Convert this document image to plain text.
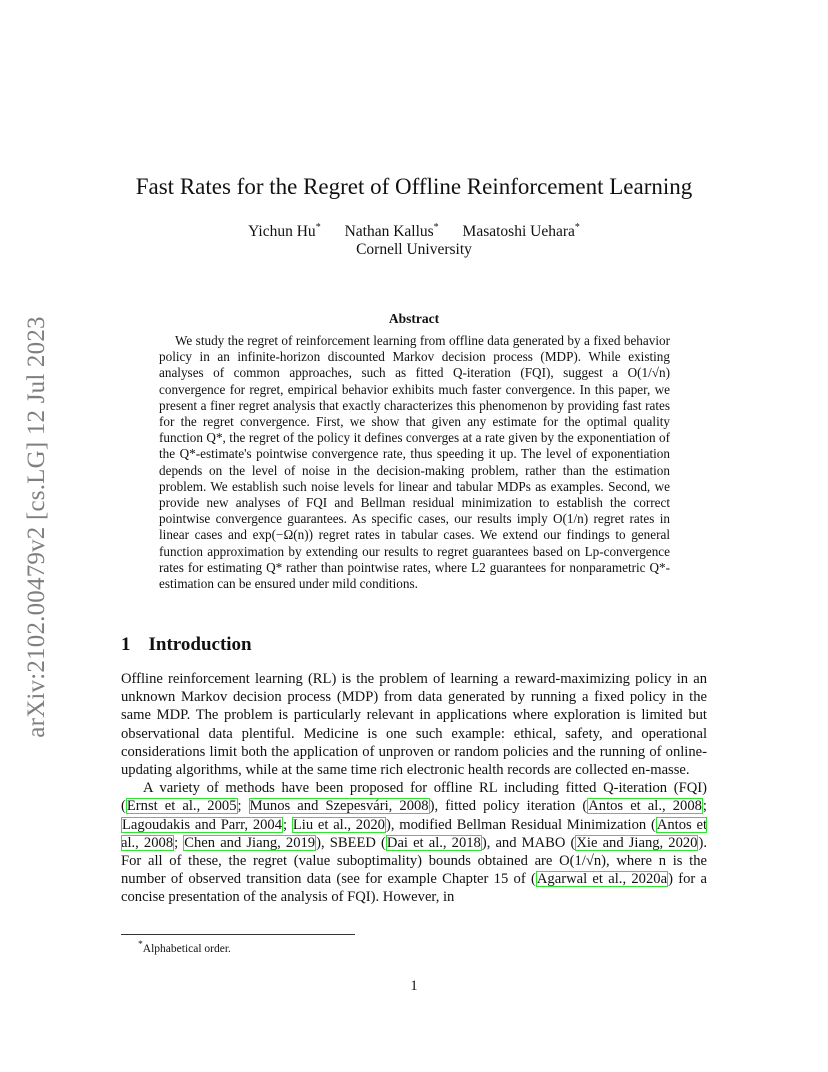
arXiv:2102.00479v2 [cs.LG] 12 Jul 2023
Fast Rates for the Regret of Offline Reinforcement Learning
Yichun Hu* Nathan Kallus* Masatoshi Uehara*
Cornell University
Abstract
We study the regret of reinforcement learning from offline data generated by a fixed behavior policy in an infinite-horizon discounted Markov decision process (MDP). While existing analyses of common approaches, such as fitted Q-iteration (FQI), suggest a O(1/√n) convergence for regret, empirical behavior exhibits much faster convergence. In this paper, we present a finer regret analysis that exactly characterizes this phenomenon by providing fast rates for the regret convergence. First, we show that given any estimate for the optimal quality function Q*, the regret of the policy it defines converges at a rate given by the exponentiation of the Q*-estimate's pointwise convergence rate, thus speeding it up. The level of exponentiation depends on the level of noise in the decision-making problem, rather than the estimation problem. We establish such noise levels for linear and tabular MDPs as examples. Second, we provide new analyses of FQI and Bellman residual minimization to establish the correct pointwise convergence guarantees. As specific cases, our results imply O(1/n) regret rates in linear cases and exp(−Ω(n)) regret rates in tabular cases. We extend our findings to general function approximation by extending our results to regret guarantees based on Lp-convergence rates for estimating Q* rather than pointwise rates, where L2 guarantees for nonparametric Q*-estimation can be ensured under mild conditions.
1 Introduction

Offline reinforcement learning (RL) is the problem of learning a reward-maximizing policy in an unknown Markov decision process (MDP) from data generated by running a fixed policy in the same MDP. The problem is particularly relevant in applications where exploration is limited but observational data plentiful. Medicine is one such example: ethical, safety, and operational considerations limit both the application of unproven or random policies and the running of online-updating algorithms, while at the same time rich electronic health records are collected en-masse.

A variety of methods have been proposed for offline RL including fitted Q-iteration (FQI) (Ernst et al., 2005; Munos and Szepesvári, 2008), fitted policy iteration (Antos et al., 2008; Lagoudakis and Parr, 2004; Liu et al., 2020), modified Bellman Residual Minimization (Antos et al., 2008; Chen and Jiang, 2019), SBEED (Dai et al., 2018), and MABO (Xie and Jiang, 2020). For all of these, the regret (value suboptimality) bounds obtained are O(1/√n), where n is the number of observed transition data (see for example Chapter 15 of (Agarwal et al., 2020a) for a concise presentation of the analysis of FQI). However, in

*Alphabetical order.
1
